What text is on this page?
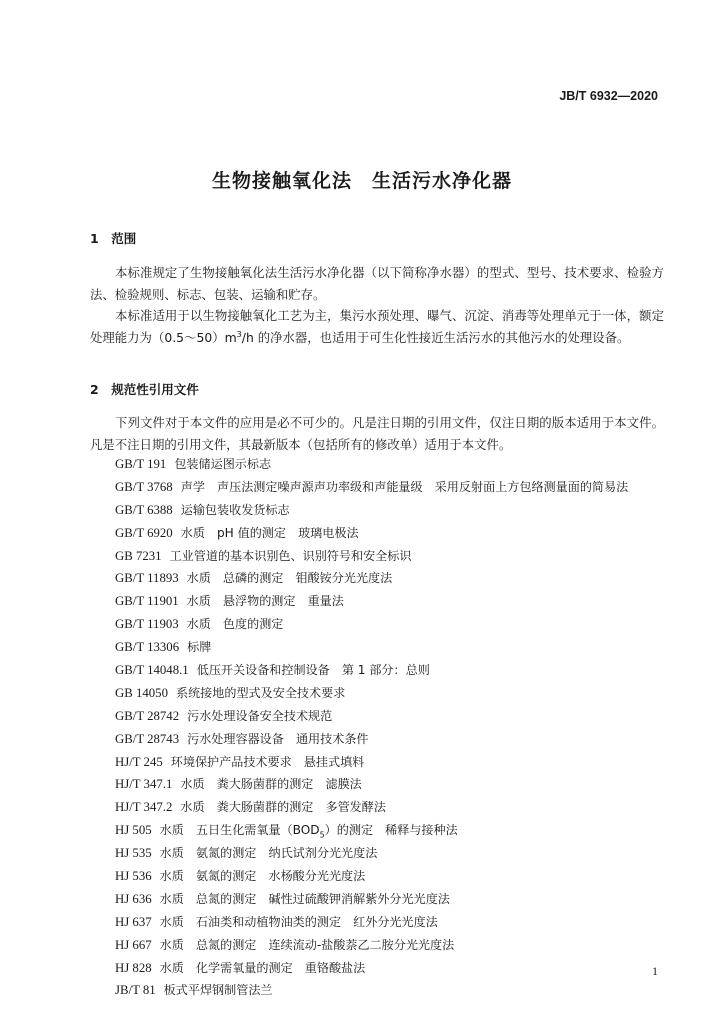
JB/T 6932—2020
生物接触氧化法　生活污水净化器
1　范围

本标准规定了生物接触氧化法生活污水净化器（以下简称净水器）的型式、型号、技术要求、检验方法、检验规则、标志、包装、运输和贮存。

本标准适用于以生物接触氧化工艺为主，集污水预处理、曝气、沉淀、消毒等处理单元于一体，额定处理能力为$(0.5\sim 50)m^3/h$ 的净水器，也适用于可生化性接近生活污水的其他污水的处理设备。

2　规范性引用文件

下列文件对于本文件的应用是必不可少的。凡是注日期的引用文件，仅注日期的版本适用于本文件。凡是不注日期的引用文件，其最新版本（包括所有的修改单）适用于本文件。

GB/T 191 包装储运图示标志
GB/T 3768 声学　声压法测定噪声源声功率级和声能量级　采用反射面上方包络测量面的简易法
GB/T 6388 运输包装收发货标志
GB/T 6920 水质　pH 值的测定　玻璃电极法
GB 7231 工业管道的基本识别色、识别符号和安全标识
GB/T 11893 水质　总磷的测定　钼酸铵分光光度法
GB/T 11901 水质　悬浮物的测定　重量法
GB/T 11903 水质　色度的测定
GB/T 13306 标牌
GB/T 14048.1 低压开关设备和控制设备　第 1 部分：总则
GB 14050 系统接地的型式及安全技术要求
GB/T 28742 污水处理设备安全技术规范
GB/T 28743 污水处理容器设备　通用技术条件
HJ/T 245 环境保护产品技术要求　悬挂式填料
HJ/T 347.1 水质　粪大肠菌群的测定　滤膜法
HJ/T 347.2 水质　粪大肠菌群的测定　多管发酵法
HJ 505 水质　五日生化需氧量$(BOD_5)$的测定　稀释与接种法
HJ 535 水质　氨氮的测定　纳氏试剂分光光度法
HJ 536 水质　氨氮的测定　水杨酸分光光度法
HJ 636 水质　总氮的测定　碱性过硫酸钾消解紫外分光光度法
HJ 637 水质　石油类和动植物油类的测定　红外分光光度法
HJ 667 水质　总氮的测定　连续流动-盐酸萘乙二胺分光光度法
HJ 828 水质　化学需氧量的测定　重铬酸盐法
JB/T 81 板式平焊钢制管法兰
1
